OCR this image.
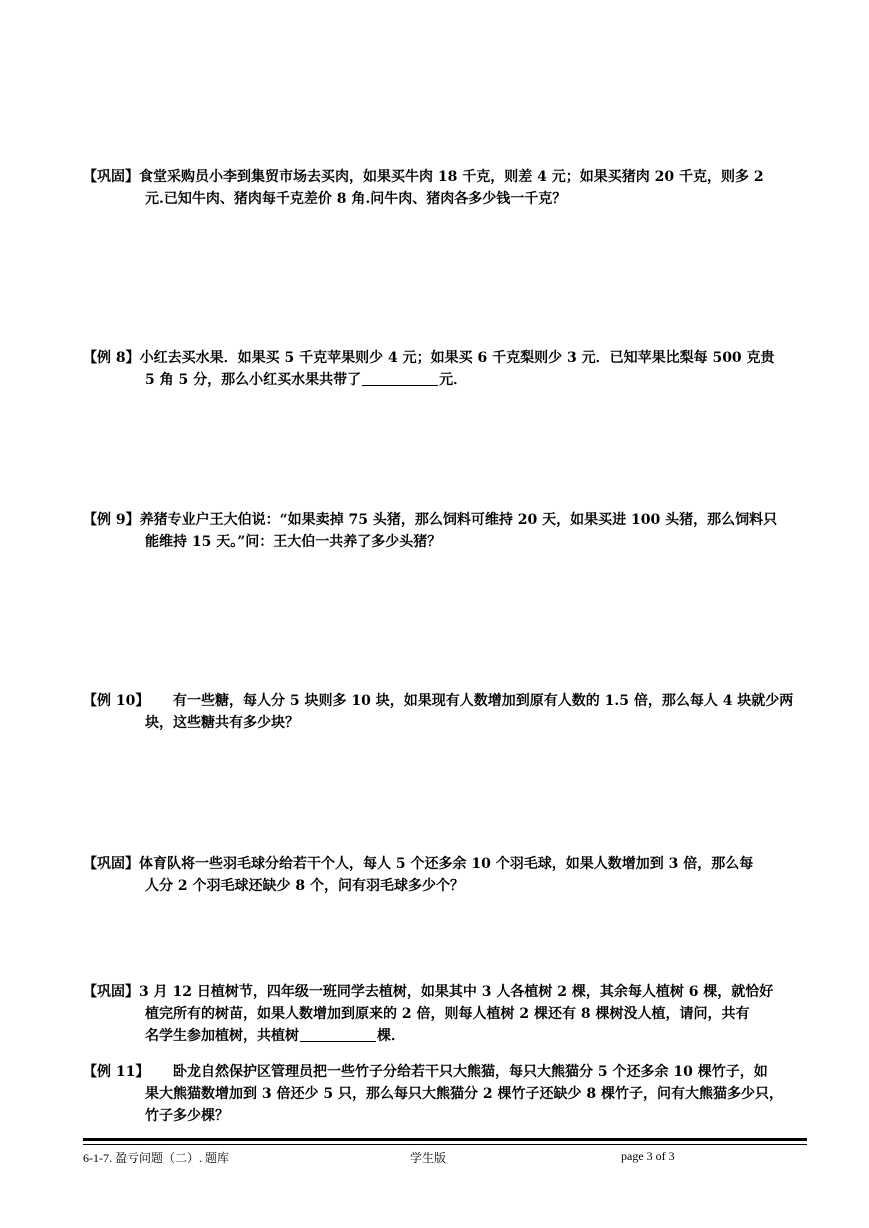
【巩固】食堂采购员小李到集贸市场去买肉，如果买牛肉 18 千克，则差 4 元；如果买猪肉 20 千克，则多 2
元.已知牛肉、猪肉每千克差价 8 角.问牛肉、猪肉各多少钱一千克？
【例 8】小红去买水果．如果买 5 千克苹果则少 4 元；如果买 6 千克梨则少 3 元．已知苹果比梨每 500 克贵
5 角 5 分，那么小红买水果共带了	元．
【例 9】养猪专业户王大伯说：“如果卖掉 75 头猪，那么饲料可维持 20 天，如果买进 100 头猪，那么饲料只
能维持 15 天。”问：王大伯一共养了多少头猪？
【例 10】 有一些糖，每人分 5 块则多 10 块，如果现有人数增加到原有人数的 1.5 倍，那么每人 4 块就少两
块，这些糖共有多少块？
【巩固】体育队将一些羽毛球分给若干个人，每人 5 个还多余 10 个羽毛球，如果人数增加到 3 倍，那么每
人分 2 个羽毛球还缺少 8 个，问有羽毛球多少个？
【巩固】3 月 12 日植树节，四年级一班同学去植树，如果其中 3 人各植树 2 棵，其余每人植树 6 棵，就恰好
植完所有的树苗，如果人数增加到原来的 2 倍，则每人植树 2 棵还有 8 棵树没人植，请问，共有
名学生参加植树，共植树	棵．
【例 11】 卧龙自然保护区管理员把一些竹子分给若干只大熊猫，每只大熊猫分 5 个还多余 10 棵竹子，如
果大熊猫数增加到 3 倍还少 5 只，那么每只大熊猫分 2 棵竹子还缺少 8 棵竹子，问有大熊猫多少只，
竹子多少棵？
6-1-7. 盈亏问题（二）. 题库	学生版	page 3 of 3
